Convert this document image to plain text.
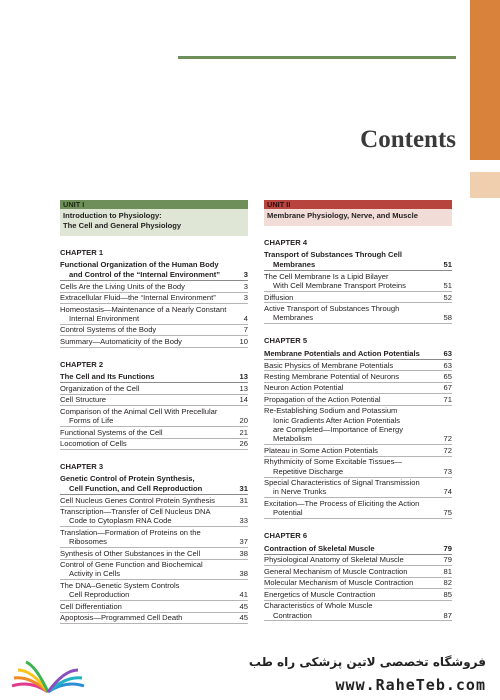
Contents
UNIT I
Introduction to Physiology:
The Cell and General Physiology
CHAPTER 1
Functional Organization of the Human Body
and Control of the “Internal Environment”	3
Cells Are the Living Units of the Body	3
Extracellular Fluid—the “Internal Environment”	3
Homeostasis—Maintenance of a Nearly Constant
Internal Environment	4
Control Systems of the Body	7
Summary—Automaticity of the Body	10
CHAPTER 2
The Cell and Its Functions	13
Organization of the Cell	13
Cell Structure	14
Comparison of the Animal Cell With Precellular
Forms of Life	20
Functional Systems of the Cell	21
Locomotion of Cells	26
CHAPTER 3
Genetic Control of Protein Synthesis,
Cell Function, and Cell Reproduction	31
Cell Nucleus Genes Control Protein Synthesis	31
Transcription—Transfer of Cell Nucleus DNA
Code to Cytoplasm RNA Code	33
Translation—Formation of Proteins on the
Ribosomes	37
Synthesis of Other Substances in the Cell	38
Control of Gene Function and Biochemical
Activity in Cells	38
The DNA–Genetic System Controls
Cell Reproduction	41
Cell Differentiation	45
Apoptosis—Programmed Cell Death	45
UNIT II
Membrane Physiology, Nerve, and Muscle
CHAPTER 4
Transport of Substances Through Cell
Membranes	51
The Cell Membrane Is a Lipid Bilayer
With Cell Membrane Transport Proteins	51
Diffusion	52
Active Transport of Substances Through
Membranes	58
CHAPTER 5
Membrane Potentials and Action Potentials	63
Basic Physics of Membrane Potentials	63
Resting Membrane Potential of Neurons	65
Neuron Action Potential	67
Propagation of the Action Potential	71
Re-Establishing Sodium and Potassium
Ionic Gradients After Action Potentials
are Completed—Importance of Energy
Metabolism	72
Plateau in Some Action Potentials	72
Rhythmicity of Some Excitable Tissues—
Repetitive Discharge	73
Special Characteristics of Signal Transmission
in Nerve Trunks	74
Excitation—The Process of Eliciting the Action
Potential	75
CHAPTER 6
Contraction of Skeletal Muscle	79
Physiological Anatomy of Skeletal Muscle	79
General Mechanism of Muscle Contraction	81
Molecular Mechanism of Muscle Contraction	82
Energetics of Muscle Contraction	85
Characteristics of Whole Muscle
Contraction	87
فروشگاه تخصصی لاتین پزشکی راه طب
www.RaheTeb.com
